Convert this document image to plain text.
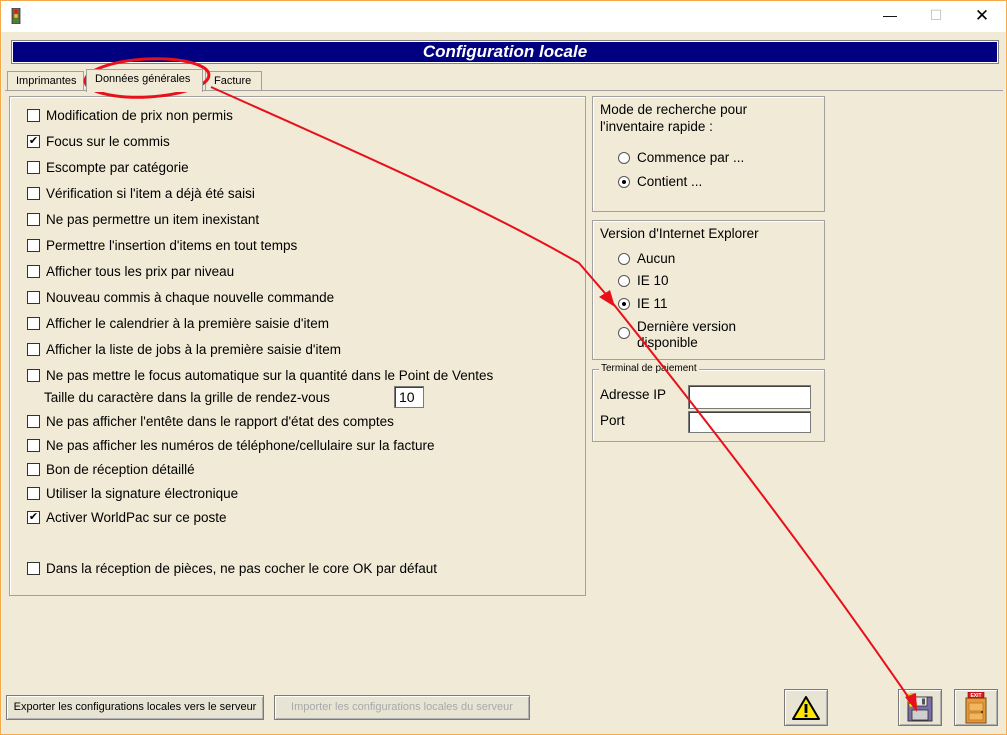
—	☐	✕
Configuration locale
Imprimantes	Données générales	Facture
Modification de prix non permis
✔ Focus sur le commis
Escompte par catégorie
Vérification si l'item a déjà été saisi
Ne pas permettre un item inexistant
Permettre l'insertion d'items en tout temps
Afficher tous les prix par niveau
Nouveau commis à chaque nouvelle commande
Afficher le calendrier à la première saisie d'item
Afficher la liste de jobs à la première saisie d'item
Ne pas mettre le focus automatique sur la quantité dans le Point de Ventes
Taille du caractère dans la grille de rendez-vous	10
Ne pas afficher l'entête dans le rapport d'état des comptes
Ne pas afficher les numéros de téléphone/cellulaire sur la facture
Bon de réception détaillé
Utiliser la signature électronique
✔ Activer WorldPac sur ce poste
Dans la réception de pièces, ne pas cocher le core OK par défaut
Mode de recherche pour
l'inventaire rapide :
Commence par ...
Contient ...
Version d'Internet Explorer
Aucun
IE 10
IE 11
Dernière version
disponible
Terminal de paiement
Adresse IP
Port
Exporter les configurations locales vers le serveur	Importer les configurations locales du serveur
EXIT
